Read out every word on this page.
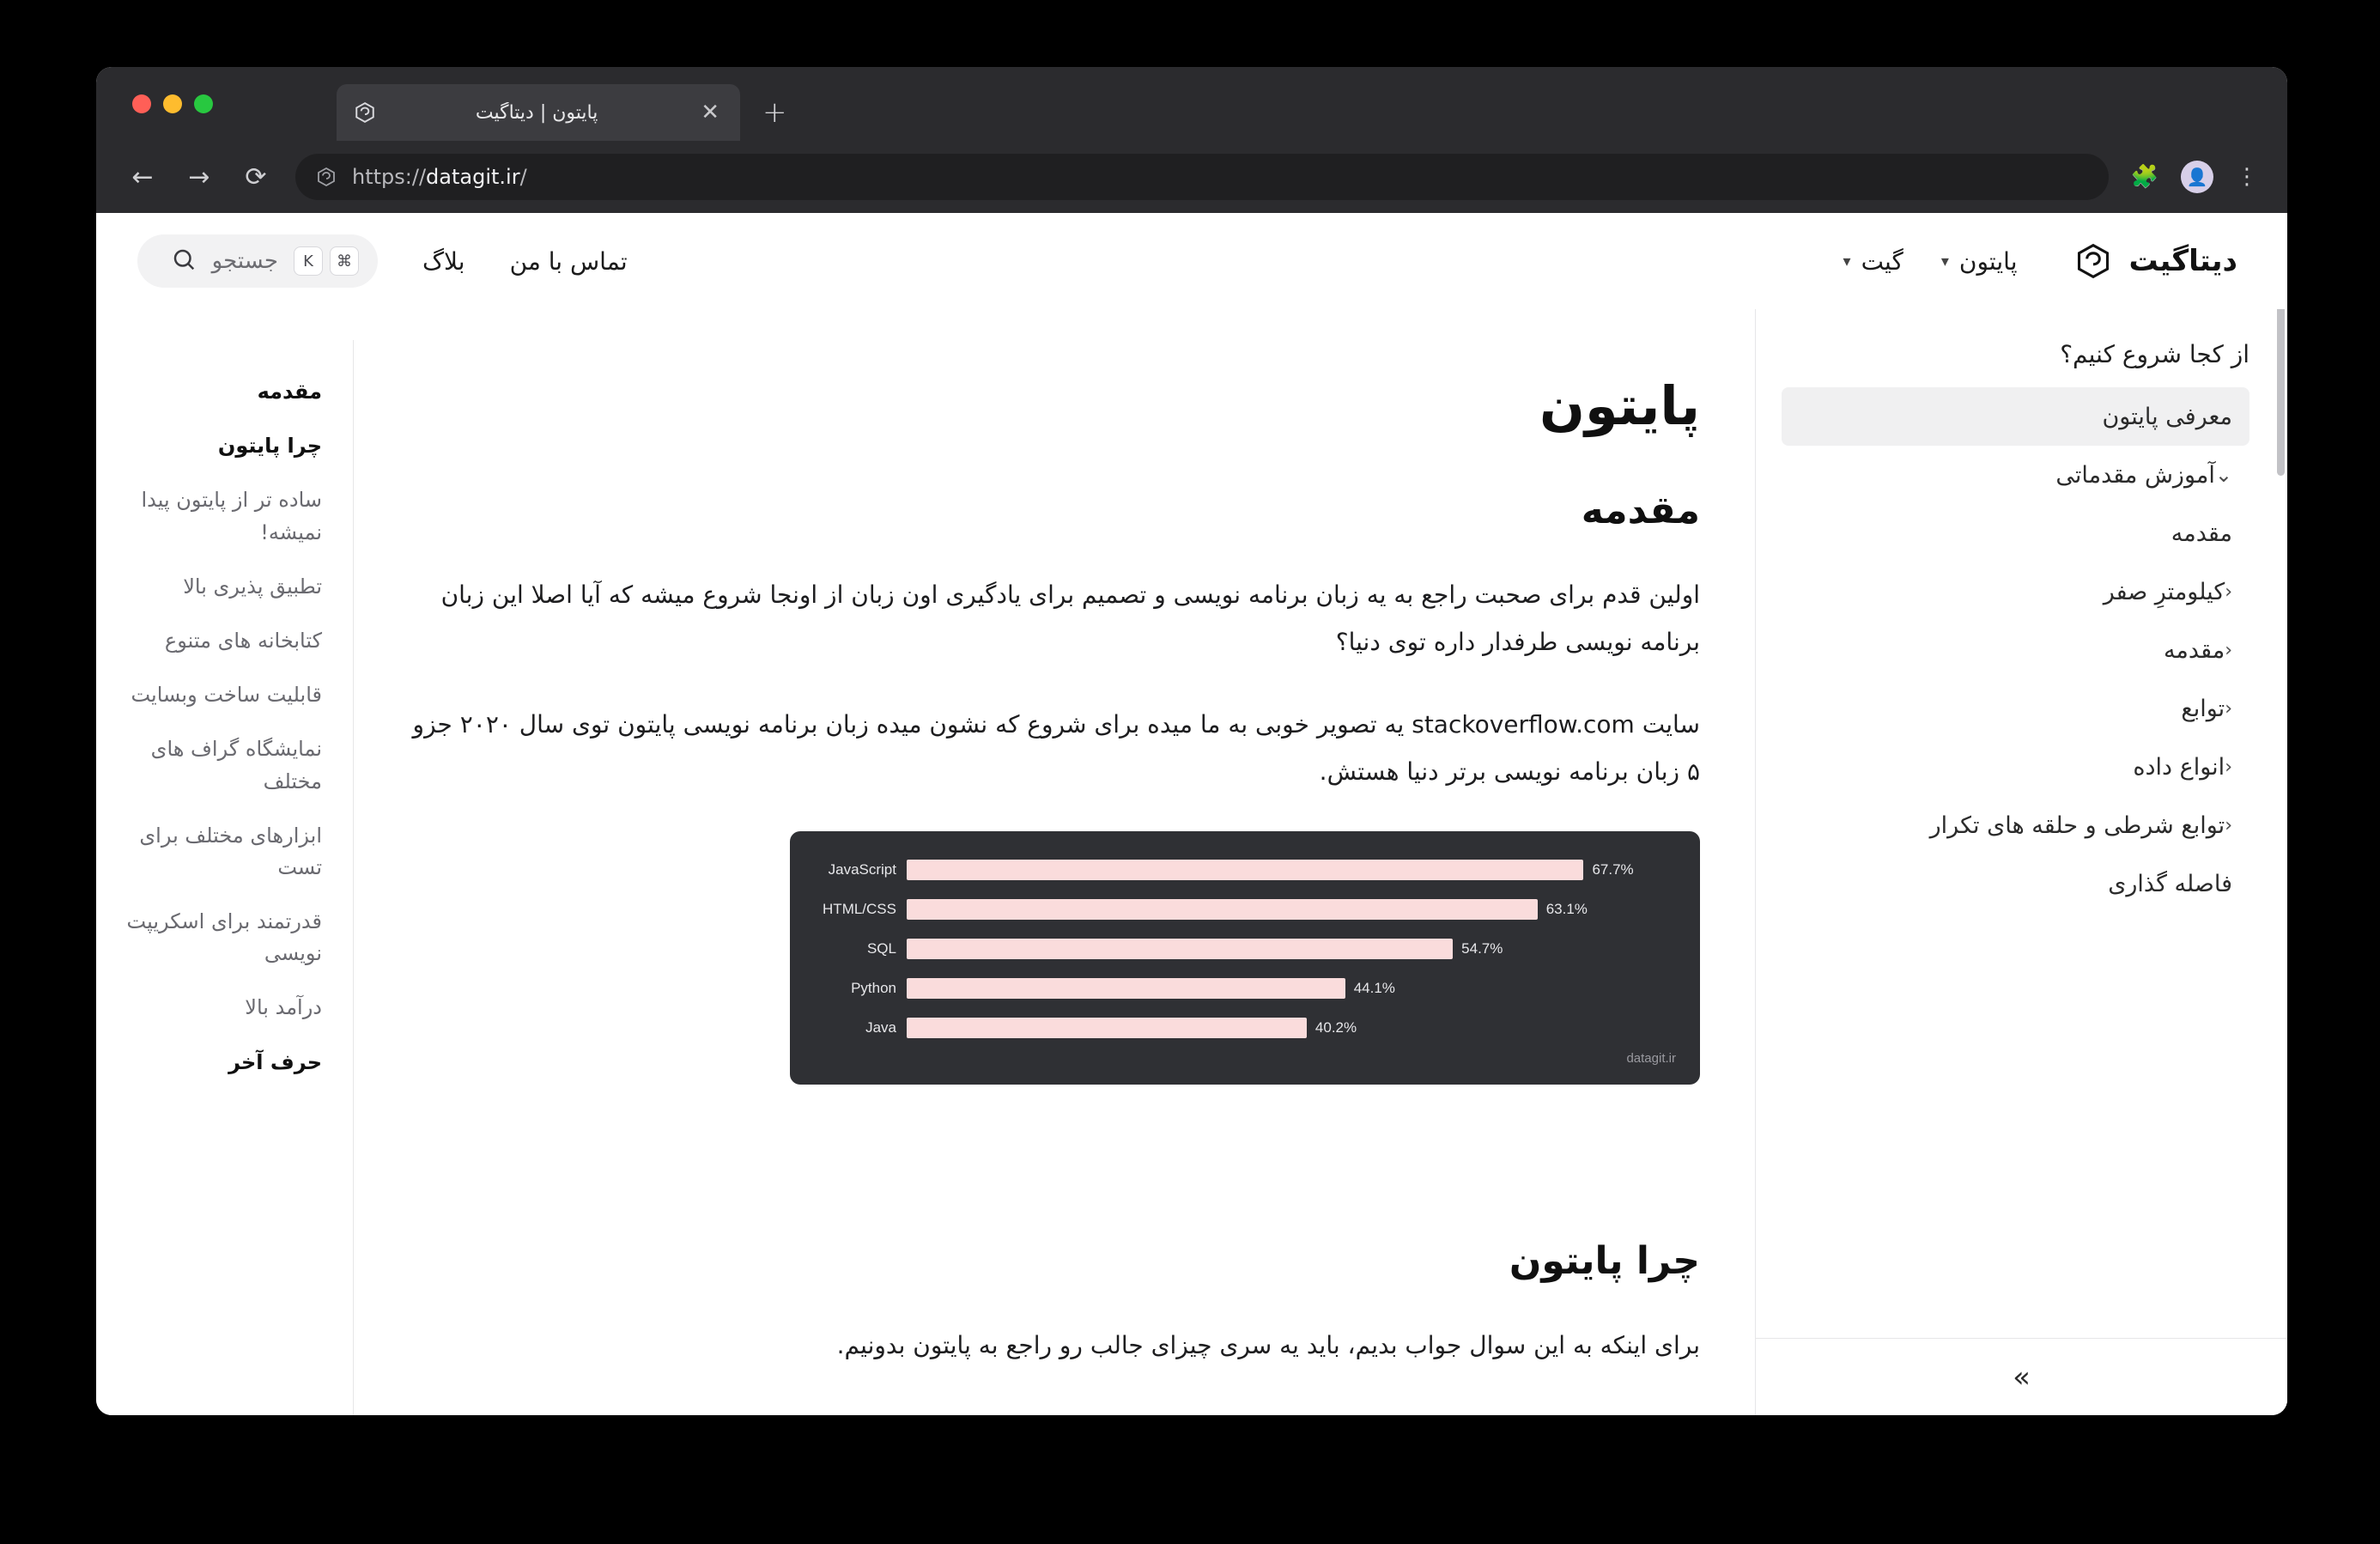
پایتون | دیتاگیت	✕ +
← → ⟳	https://datagit.ir/	🧩	👤 ⋮
دیتاگیت
پایتون
▾
گیت
▾
تماس با من
بلاگ
K	⌘
جستجو
از کجا شروع کنیم؟
معرفی پایتون
⌄
آموزش مقدماتی
مقدمه
‹
کیلومترِ صفر
‹
مقدمه
‹
توابع
‹
انواع داده
‹
توابع شرطی و حلقه های تکرار
فاصله گذاری
»
پایتون
مقدمه

اولین قدم برای صحبت راجع به یه زبان برنامه نویسی و تصمیم برای یادگیری اون زبان از اونجا شروع میشه که آیا اصلا این زبان برنامه نویسی طرفدار داره توی دنیا؟

سایت stackoverflow.com یه تصویر خوبی به ما میده برای شروع که نشون میده زبان برنامه نویسی پایتون توی سال ۲۰۲۰ جزو ۵ زبان برنامه نویسی برتر دنیا هستش.

JavaScript	67.7%
HTML/CSS	63.1%
SQL	54.7%
Python	44.1%
Java	40.2%
datagit.ir
چرا پایتون

برای اینکه به این سوال جواب بدیم، باید یه سری چیزای جالب رو راجع به پایتون بدونیم.

مقدمه
چرا پایتون
ساده تر از پایتون پیدا نمیشه!
تطبیق پذیری بالا
کتابخانه های متنوع
قابلیت ساخت وبسایت
نمایشگاه گراف های مختلف
ابزارهای مختلف برای تست
قدرتمند برای اسکریپت نویسی
درآمد بالا
حرف آخر
